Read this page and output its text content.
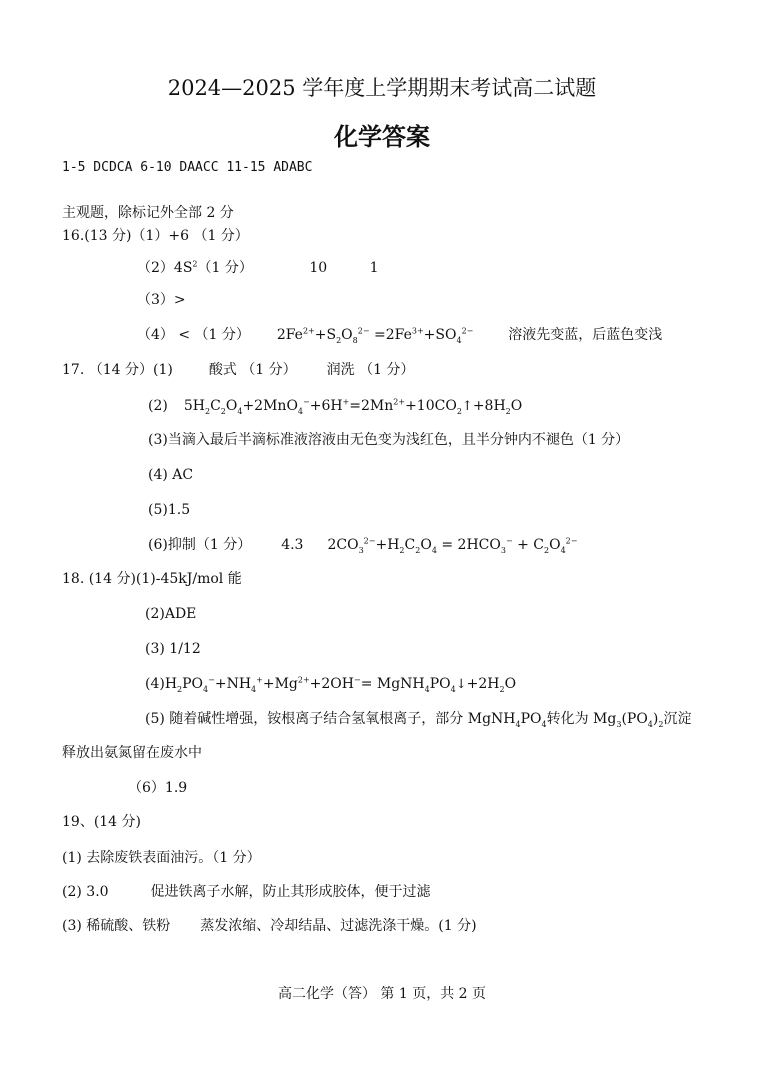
2024—2025 学年度上学期期末考试高二试题
化学答案
1-5 DCDCA 6-10 DAACC 11-15 ADABC
主观题，除标记外全部 2 分
16.(13 分)（1）+6 （1 分）
$(2)4S^2(1$ 分）	10	1
（3）>
（4） < （1 分） $2Fe^{2+}+S_2O_8^{2-} =2Fe^{3+}+SO_4^{2-}$ 溶液先变蓝，后蓝色变浅
17. （14 分）(1)	酸式 （1 分） 润洗 （1 分）
(2) $5H_2C_2O_4+2MnO_4^-+6H^+=2Mn^{2+}+10CO_2↑+8H_2O$
(3)当滴入最后半滴标准液溶液由无色变为浅红色，且半分钟内不褪色（1 分）
(4) AC
(5)1.5
(6)抑制（1 分） 4.3 $2CO_3^{2-}+H_2C_2O_4 = 2HCO_3^- + C_2O_4^{2-}$
18. (14 分)(1)-45kJ/mol 能
(2)ADE
(3) 1/12
$(4)H_2PO_4^-+NH_4^++Mg^{2+}+2OH^-=$ $MgNH_4PO_4↓+2H_2O$
(5) 随着碱性增强，铵根离子结合氢氧根离子，部分 $MgNH_4PO_4$转化为 $Mg_3(PO_4)_2$沉淀
释放出氨氮留在废水中
（6）1.9
19、(14 分)
(1) 去除废铁表面油污。（1 分）
(2) 3.0	促进铁离子水解，防止其形成胶体，便于过滤
(3) 稀硫酸、铁粉 蒸发浓缩、冷却结晶、过滤洗涤干燥。(1 分)
高二化学（答） 第 1 页，共 2 页
